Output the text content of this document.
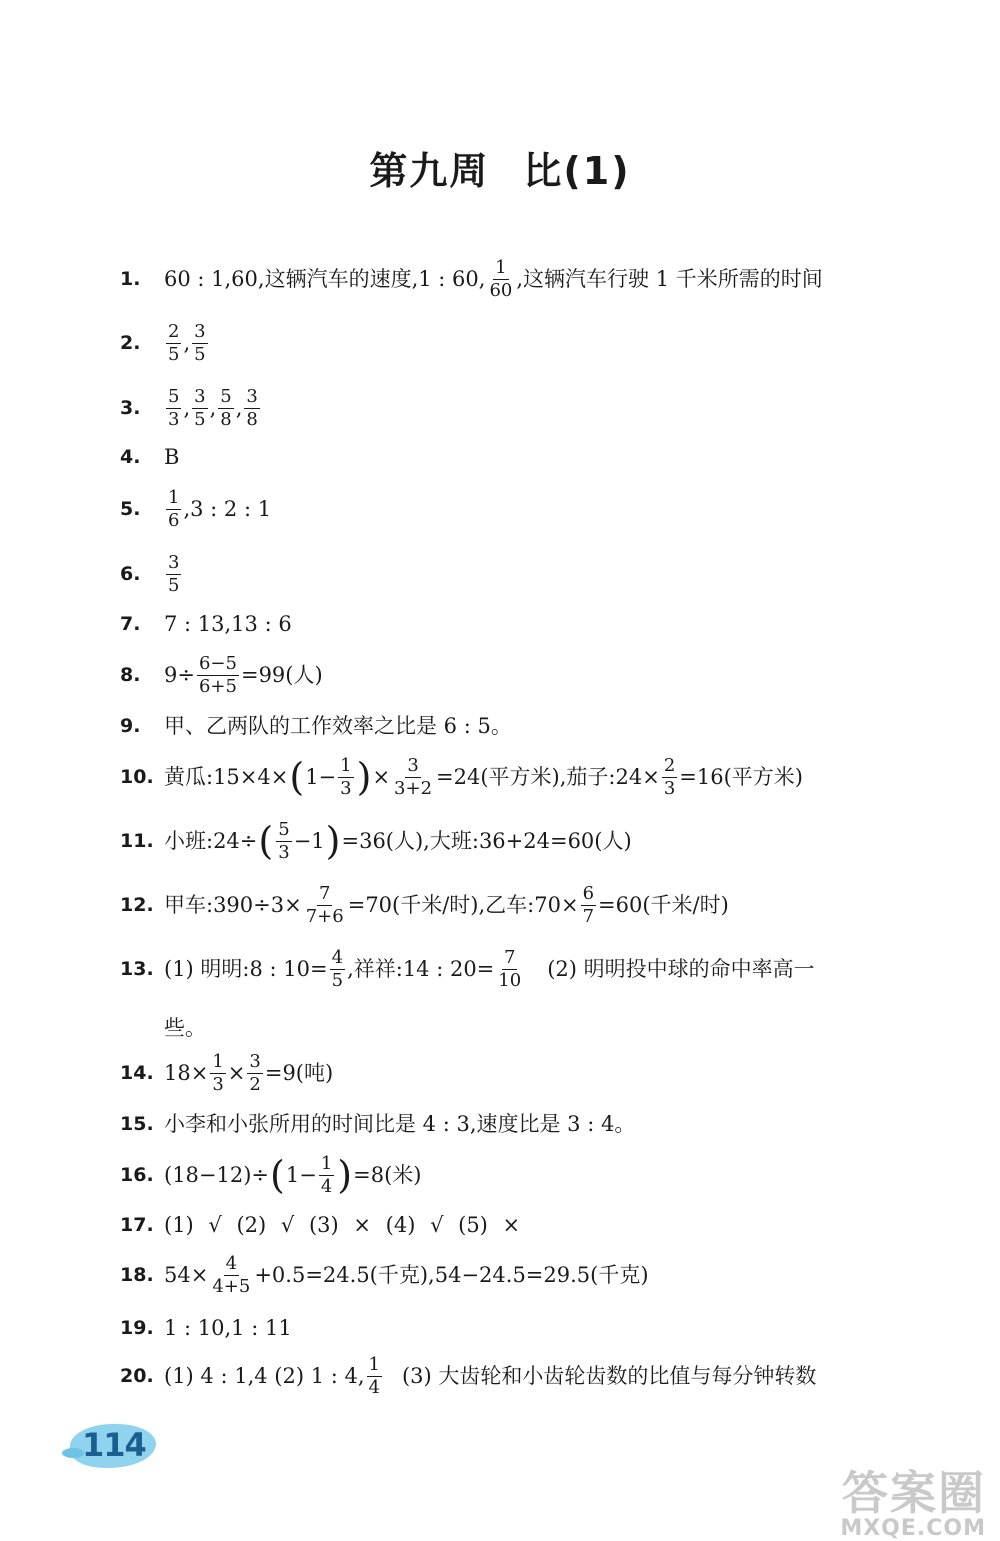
第九周 比(1)
1.	60 : 1,60,这辆汽车的速度,1 : 60, $\frac{1}{60}$ ,这辆汽车行驶 1 千米所需的时间
2.	$\frac{2}{5}$ , $\frac{3}{5}$
3.	$\frac{5}{3}$ , $\frac{3}{5}$ , $\frac{5}{8}$ , $\frac{3}{8}$
4.	B
5.	$\frac{1}{6} ,3$ : 2 : 1
6.	$\frac{3}{5}$
7.	7 : 13,13 : 6
8.	$9\div \frac{6-5}{6+5} =99$(人)
9.	甲、乙两队的工作效率之比是 6 : 5。
10. 黄瓜:15×4× ( $1- \frac{1}{3}$ ) × $\frac{3}{3+2} =24$(平方米),茄子:24× $\frac{2}{3} =16$(平方米)
11. 小班:24÷ ( $\frac{5}{3} -1$ ) =36(人),大班:36+24=60(人)
12. 甲车:390÷3× $\frac{7}{7+6} =70$(千米/时),乙车:70× $\frac{6}{7} =60$(千米/时)
13. (1) 明明:8 : $10= \frac{4}{5}$ ,祥祥:14 : $20= \frac{7}{10} (2)$ 明明投中球的命中率高一
些。
14. $18\times \frac{1}{3} \times \frac{3}{2} =9$(吨)
15. 小李和小张所用的时间比是 4 : 3,速度比是 3 : 4。
16. (18−12)÷ ( $1- \frac{1}{4}$ ) =8(米)
17. (1) √ (2) √ (3) × (4) √ (5) ×
18. $54\times \frac{4}{4+5} +0.5=24.5$(千克),54−24.5=29.5(千克)
19. 1 : 10,1 : 11
20. (1) 4 : 1,4 (2) 1 : 4, $\frac{1}{4} (3)$ 大齿轮和小齿轮齿数的比值与每分钟转数
114
答案圈
MXQE.COM
